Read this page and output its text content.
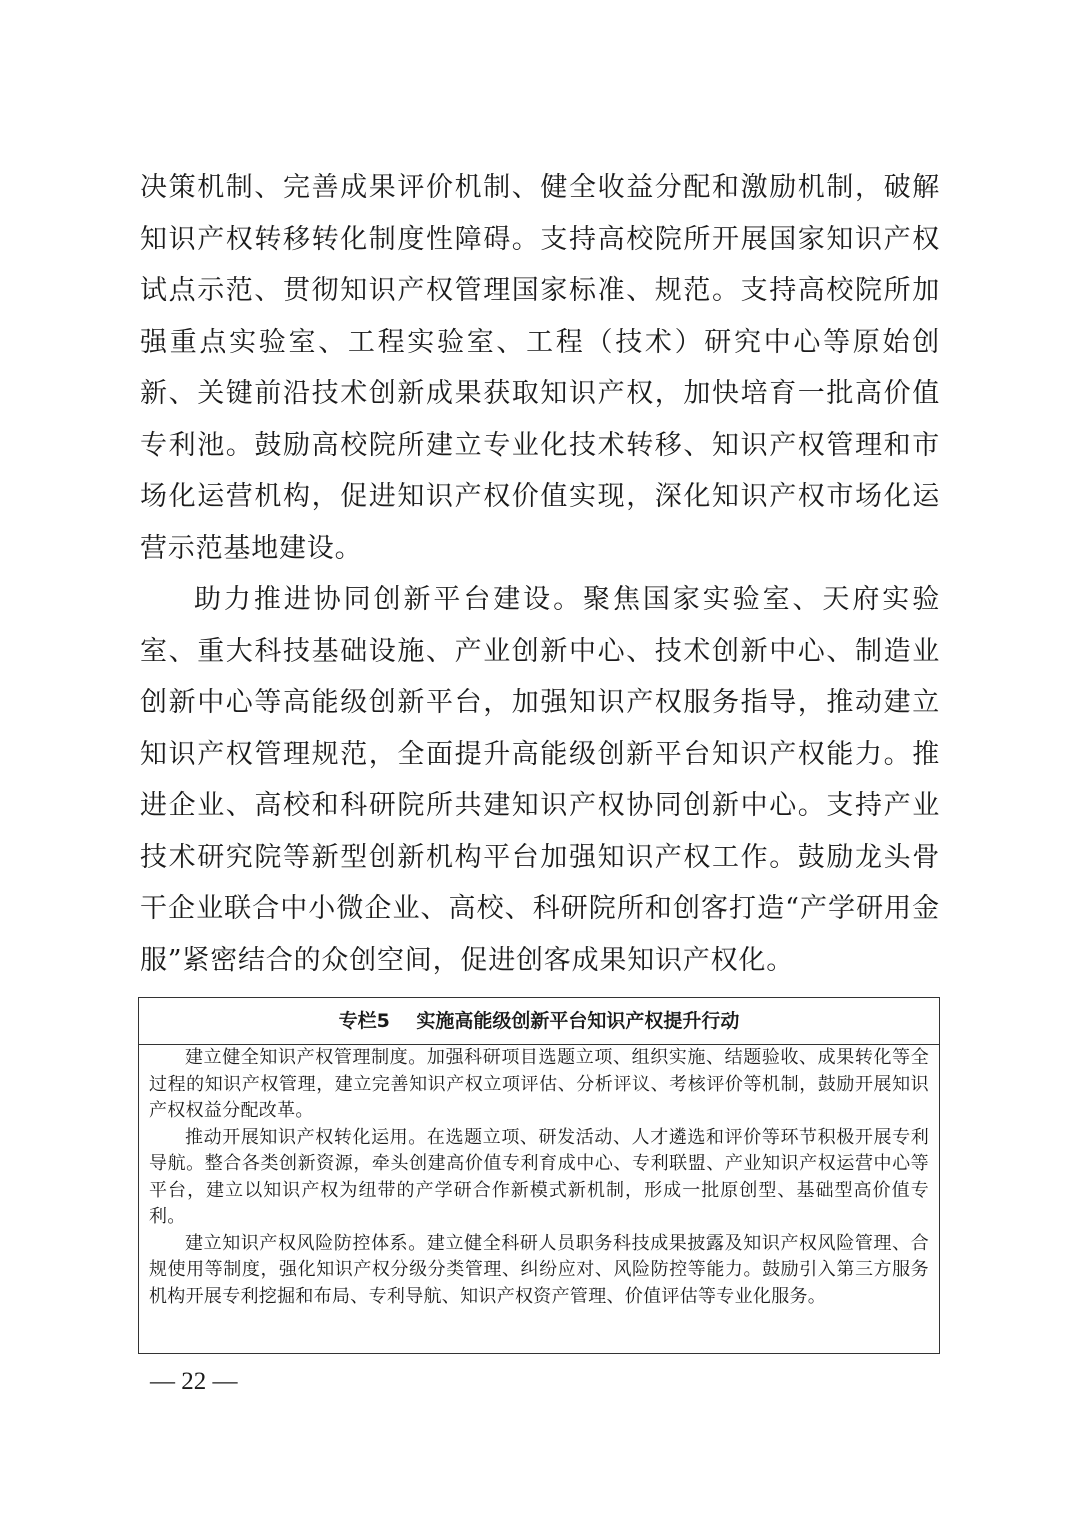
决策机制、完善成果评价机制、健全收益分配和激励机制，破解知识产权转移转化制度性障碍。支持高校院所开展国家知识产权试点示范、贯彻知识产权管理国家标准、规范。支持高校院所加强重点实验室、工程实验室、工程（技术）研究中心等原始创新、关键前沿技术创新成果获取知识产权，加快培育一批高价值专利池。鼓励高校院所建立专业化技术转移、知识产权管理和市场化运营机构，促进知识产权价值实现，深化知识产权市场化运营示范基地建设。

助力推进协同创新平台建设。聚焦国家实验室、天府实验室、重大科技基础设施、产业创新中心、技术创新中心、制造业创新中心等高能级创新平台，加强知识产权服务指导，推动建立知识产权管理规范，全面提升高能级创新平台知识产权能力。推进企业、高校和科研院所共建知识产权协同创新中心。支持产业技术研究院等新型创新机构平台加强知识产权工作。鼓励龙头骨干企业联合中小微企业、高校、科研院所和创客打造“产学研用金服”紧密结合的众创空间，促进创客成果知识产权化。

专栏5 实施高能级创新平台知识产权提升行动

建立健全知识产权管理制度。加强科研项目选题立项、组织实施、结题验收、成果转化等全过程的知识产权管理，建立完善知识产权立项评估、分析评议、考核评价等机制，鼓励开展知识产权权益分配改革。

推动开展知识产权转化运用。在选题立项、研发活动、人才遴选和评价等环节积极开展专利导航。整合各类创新资源，牵头创建高价值专利育成中心、专利联盟、产业知识产权运营中心等平台，建立以知识产权为纽带的产学研合作新模式新机制，形成一批原创型、基础型高价值专利。

建立知识产权风险防控体系。建立健全科研人员职务科技成果披露及知识产权风险管理、合规使用等制度，强化知识产权分级分类管理、纠纷应对、风险防控等能力。鼓励引入第三方服务机构开展专利挖掘和布局、专利导航、知识产权资产管理、价值评估等专业化服务。

— 22 —
